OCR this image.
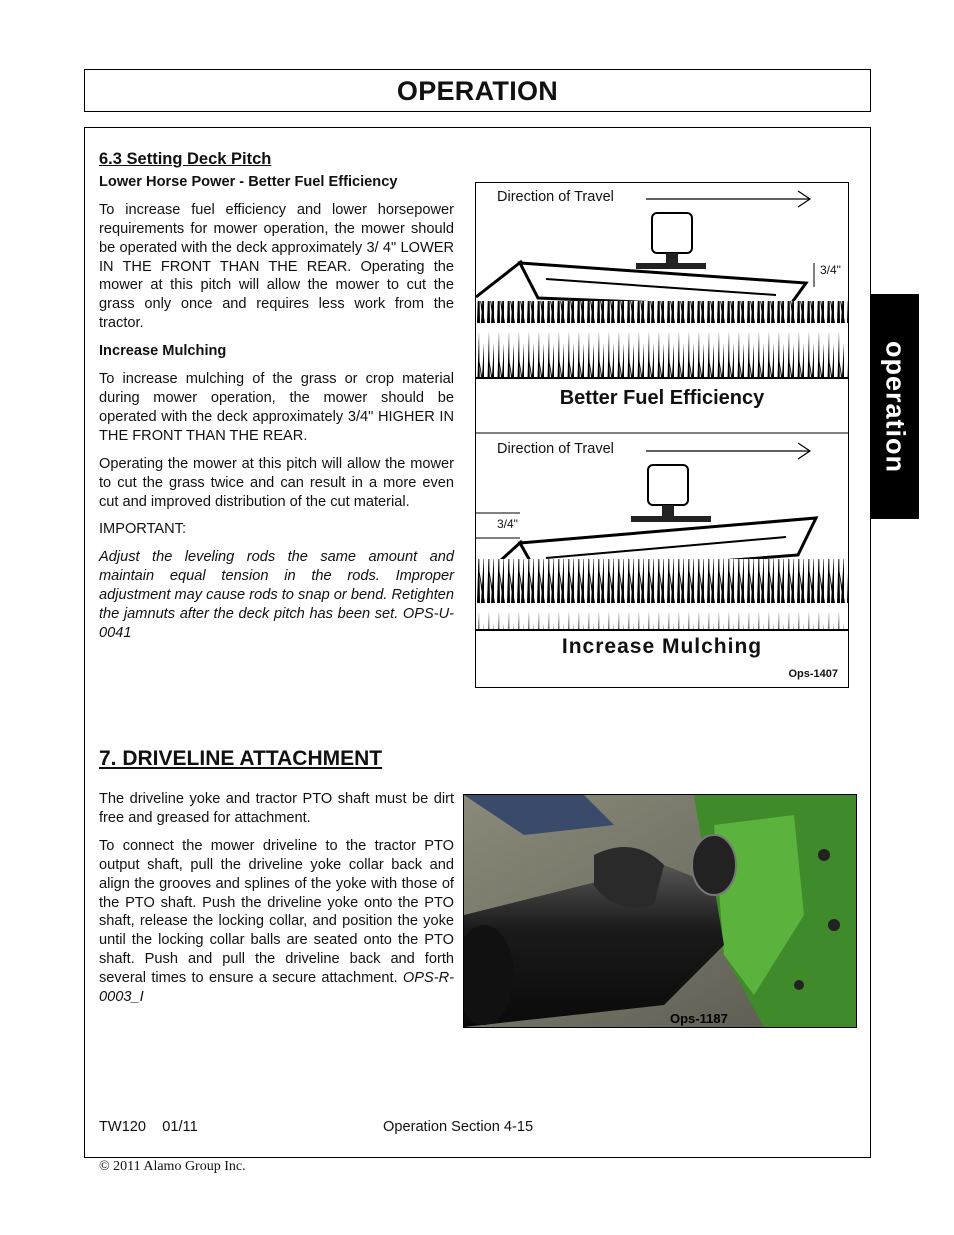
OPERATION
operation
6.3 Setting Deck Pitch
Lower Horse Power - Better Fuel Efficiency

To increase fuel efficiency and lower horsepower requirements for mower operation, the mower should be operated with the deck approximately 3/ 4" LOWER IN THE FRONT THAN THE REAR. Operating the mower at this pitch will allow the mower to cut the grass only once and requires less work from the tractor.

Increase Mulching

To increase mulching of the grass or crop material during mower operation, the mower should be operated with the deck approximately 3/4" HIGHER IN THE FRONT THAN THE REAR.

Operating the mower at this pitch will allow the mower to cut the grass twice and can result in a more even cut and improved distribution of the cut material.

IMPORTANT:

Adjust the leveling rods the same amount and maintain equal tension in the rods. Improper adjustment may cause rods to snap or bend. Retighten the jamnuts after the deck pitch has been set. OPS-U-0041

Direction of Travel
3/4"
Better Fuel Efficiency
Direction of Travel
3/4"
Increase Mulching
Ops-1407
7. DRIVELINE ATTACHMENT

The driveline yoke and tractor PTO shaft must be dirt free and greased for attachment.

To connect the mower driveline to the tractor PTO output shaft, pull the driveline yoke collar back and align the grooves and splines of the yoke with those of the PTO shaft. Push the driveline yoke onto the PTO shaft, release the locking collar, and position the yoke until the locking collar balls are seated onto the PTO shaft. Push and pull the driveline back and forth several times to ensure a secure attachment. OPS-R-0003_I

Ops-1187
TW120    01/11	Operation Section 4-15
© 2011 Alamo Group Inc.
